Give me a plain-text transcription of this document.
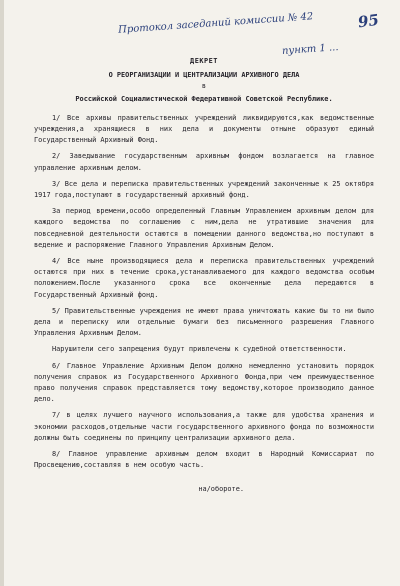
Протокол заседаний комиссии № 42
пункт 1 ...
95
ДЕКРЕТ
О РЕОРГАНИЗАЦИИ И ЦЕНТРАЛИЗАЦИИ АРХИВНОГО ДЕЛА
в
Российской Социалистической Федеративной Советской Республике.
1/ Все архивы правительственных учреждений ликвидируются,как ведомственные учреждения,а хранящиеся в них дела и документы отныне образуют единый Государственный Архивный Фонд.
2/ Заведывание государственным архивным фондом возлагается на главное управление архивным делом.
3/ Все дела и переписка правительственных учреждений законченные к 25 октября 1917 года,поступают в государственный архивный фонд.
За период времени,особо определенный Главным Управлением архивным делом для каждого ведомства по соглашению с ним,дела не утратившие значения для повседневной деятельности остаются в помещении данного ведомства,но поступают в ведение и распоряжение Главного Управления Архивным Делом.
4/ Все ныне производящиеся дела и переписка правительственных учреждений остаются при них в течение срока,устанавливаемого для каждого ведомства особым положением.После указанного срока все оконченные дела передаются в Государственный Архивный фонд.
5/ Правительственные учреждения не имеют права уничтожать какие бы то ни было дела и переписку или отдельные бумаги без письменного разрешения Главного Управления Архивным Делом.
Нарушители сего запрещения будут привлечены к судебной ответственности.
6/ Главное Управление Архивным Делом должно немедленно установить порядок получения справок из Государственного Архивного Фонда,при чем преимущественное право получения справок представляется тому ведомству,которое производило данное дело.
7/ в целях лучшего научного использования,а также для удобства хранения и экономии расходов,отдельные части государственного архивного фонда по возможности должны быть соединены по принципу централизации архивного дела.
8/ Главное управление архивным делом входит в Народный Комиссариат по Просвещению,составляя в нем особую часть.
на/обороте.
